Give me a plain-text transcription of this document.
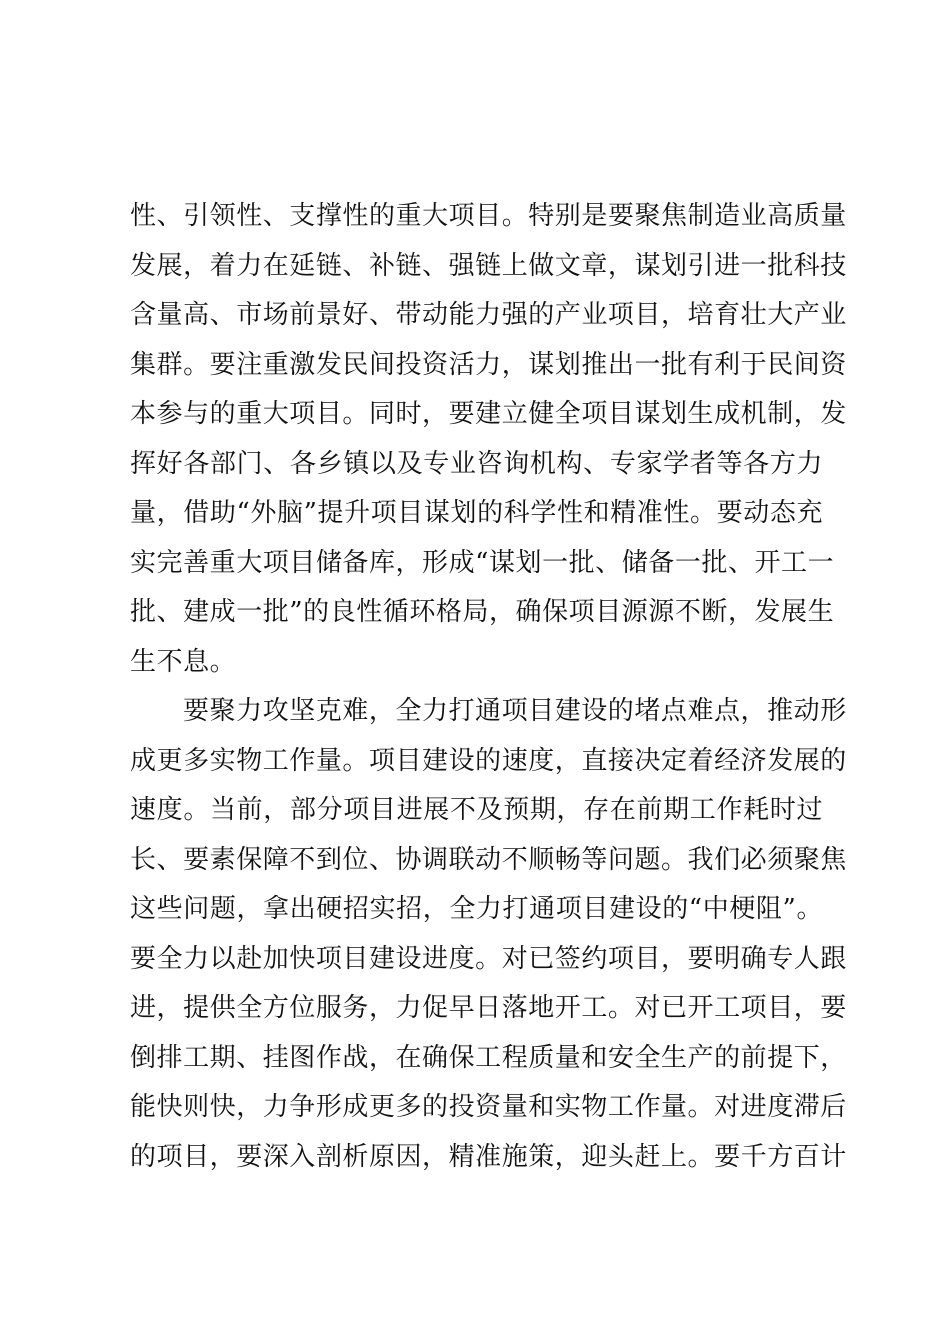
性、引领性、支撑性的重大项目。特别是要聚焦制造业高质量
发展，着力在延链、补链、强链上做文章，谋划引进一批科技
含量高、市场前景好、带动能力强的产业项目，培育壮大产业
集群。要注重激发民间投资活力，谋划推出一批有利于民间资
本参与的重大项目。同时，要建立健全项目谋划生成机制，发
挥好各部门、各乡镇以及专业咨询机构、专家学者等各方力
量，借助“外脑”提升项目谋划的科学性和精准性。要动态充
实完善重大项目储备库，形成“谋划一批、储备一批、开工一
批、建成一批”的良性循环格局，确保项目源源不断，发展生
生不息。
要聚力攻坚克难，全力打通项目建设的堵点难点，推动形
成更多实物工作量。项目建设的速度，直接决定着经济发展的
速度。当前，部分项目进展不及预期，存在前期工作耗时过
长、要素保障不到位、协调联动不顺畅等问题。我们必须聚焦
这些问题，拿出硬招实招，全力打通项目建设的“中梗阻”。
要全力以赴加快项目建设进度。对已签约项目，要明确专人跟
进，提供全方位服务，力促早日落地开工。对已开工项目，要
倒排工期、挂图作战，在确保工程质量和安全生产的前提下，
能快则快，力争形成更多的投资量和实物工作量。对进度滞后
的项目，要深入剖析原因，精准施策，迎头赶上。要千方百计
